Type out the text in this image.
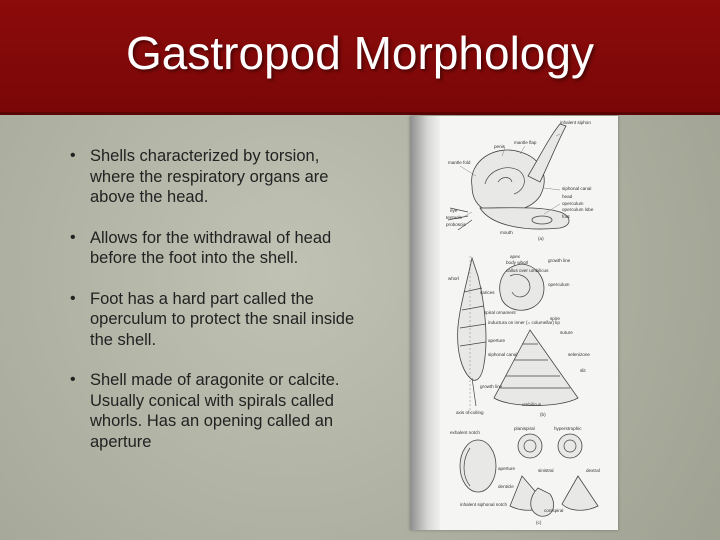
Gastropod Morphology
• Shells characterized by torsion, where the respiratory organs are above the head.
• Allows for the withdrawal of head before the foot into the shell.
• Foot has a hard part called the operculum to protect the snail inside the shell.
• Shell made of aragonite or calcite. Usually conical with spirals called whorls. Has an opening called an aperture
mantle flap
inhalent siphon
penis
mantle fold
siphonal canal
head
operculum
operculum lobe
foot
eye
tentacle
proboscis
mouth
(a)
apex
body whorl
callus over umbilicus
growth line
whorl
operculum
varices
spiral ornament
spire
inductura on inner (= columellar) lip
suture
aperture
siphonal canal	selenizone
slit
growth line
umbilicus
axis of coiling	(b)
exhalent notch
planispiral	hyperstrophic
aperture	sinistral	dextral
denticle
inhalent siphonal notch
conispiral
(c)
